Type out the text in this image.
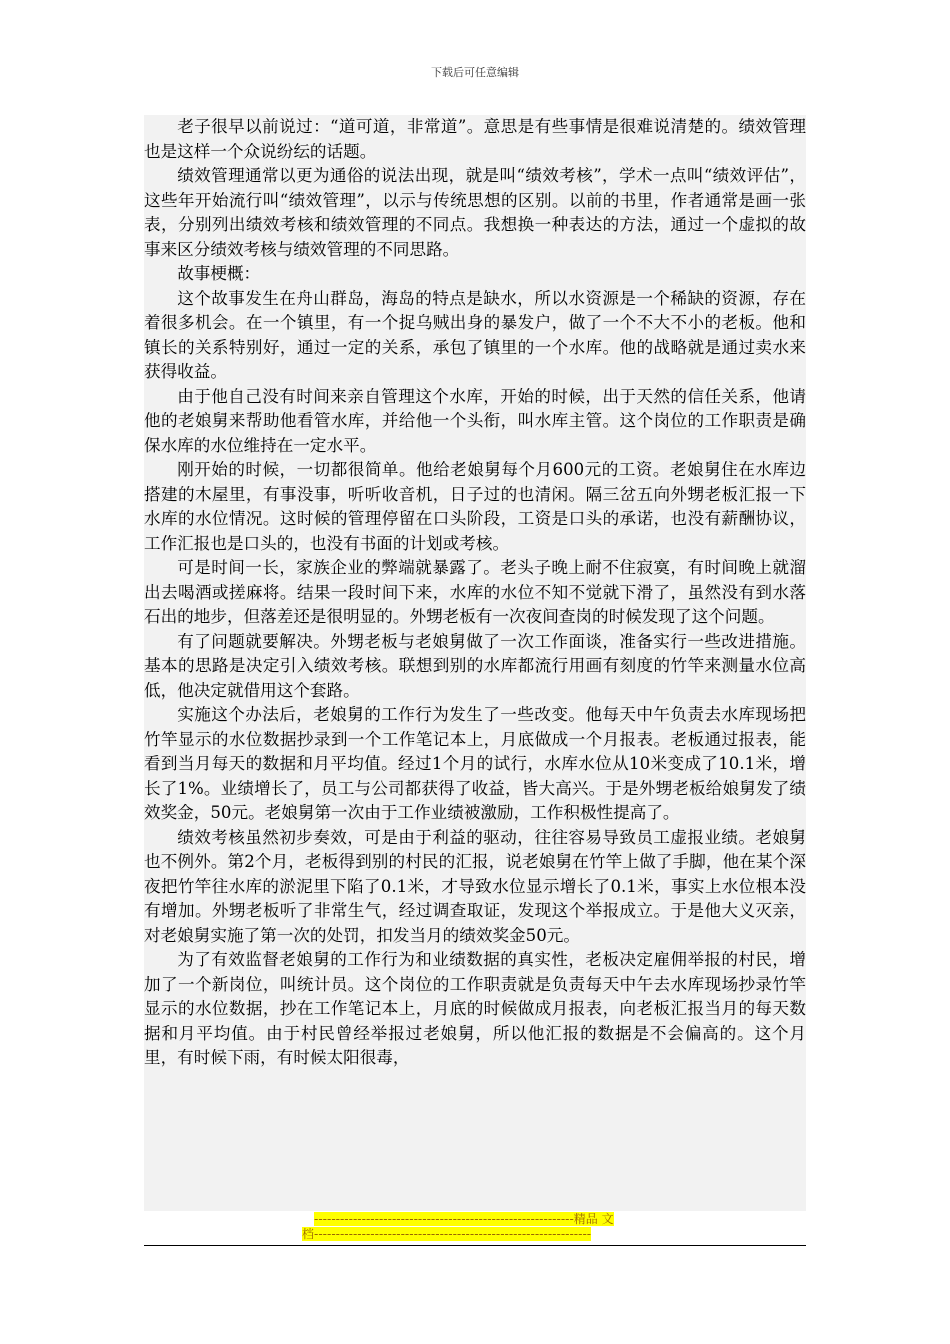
下载后可任意编辑

老子很早以前说过：“道可道，非常道”。意思是有些事情是很难说清楚的。绩效管理也是这样一个众说纷纭的话题。

绩效管理通常以更为通俗的说法出现，就是叫“绩效考核”，学术一点叫“绩效评估”，这些年开始流行叫“绩效管理”，以示与传统思想的区别。以前的书里，作者通常是画一张表，分别列出绩效考核和绩效管理的不同点。我想换一种表达的方法，通过一个虚拟的故事来区分绩效考核与绩效管理的不同思路。

故事梗概：

这个故事发生在舟山群岛，海岛的特点是缺水，所以水资源是一个稀缺的资源，存在着很多机会。在一个镇里，有一个捉乌贼出身的暴发户，做了一个不大不小的老板。他和镇长的关系特别好，通过一定的关系，承包了镇里的一个水库。他的战略就是通过卖水来获得收益。

由于他自己没有时间来亲自管理这个水库，开始的时候，出于天然的信任关系，他请他的老娘舅来帮助他看管水库，并给他一个头衔，叫水库主管。这个岗位的工作职责是确保水库的水位维持在一定水平。

刚开始的时候，一切都很简单。他给老娘舅每个月600元的工资。老娘舅住在水库边搭建的木屋里，有事没事，听听收音机，日子过的也清闲。隔三岔五向外甥老板汇报一下水库的水位情况。这时候的管理停留在口头阶段，工资是口头的承诺，也没有薪酬协议，工作汇报也是口头的，也没有书面的计划或考核。

可是时间一长，家族企业的弊端就暴露了。老头子晚上耐不住寂寞，有时间晚上就溜出去喝酒或搓麻将。结果一段时间下来，水库的水位不知不觉就下滑了，虽然没有到水落石出的地步，但落差还是很明显的。外甥老板有一次夜间查岗的时候发现了这个问题。

有了问题就要解决。外甥老板与老娘舅做了一次工作面谈，准备实行一些改进措施。基本的思路是决定引入绩效考核。联想到别的水库都流行用画有刻度的竹竿来测量水位高低，他决定就借用这个套路。

实施这个办法后，老娘舅的工作行为发生了一些改变。他每天中午负责去水库现场把竹竿显示的水位数据抄录到一个工作笔记本上，月底做成一个月报表。老板通过报表，能看到当月每天的数据和月平均值。经过1个月的试行，水库水位从10米变成了10.1米，增长了1%。业绩增长了，员工与公司都获得了收益，皆大高兴。于是外甥老板给娘舅发了绩效奖金，50元。老娘舅第一次由于工作业绩被激励，工作积极性提高了。

绩效考核虽然初步奏效，可是由于利益的驱动，往往容易导致员工虚报业绩。老娘舅也不例外。第2个月，老板得到别的村民的汇报，说老娘舅在竹竿上做了手脚，他在某个深夜把竹竿往水库的淤泥里下陷了0.1米，才导致水位显示增长了0.1米，事实上水位根本没有增加。外甥老板听了非常生气，经过调查取证，发现这个举报成立。于是他大义灭亲，对老娘舅实施了第一次的处罚，扣发当月的绩效奖金50元。

为了有效监督老娘舅的工作行为和业绩数据的真实性，老板决定雇佣举报的村民，增加了一个新岗位，叫统计员。这个岗位的工作职责就是负责每天中午去水库现场抄录竹竿显示的水位数据，抄在工作笔记本上，月底的时候做成月报表，向老板汇报当月的每天数据和月平均值。由于村民曾经举报过老娘舅，所以他汇报的数据是不会偏高的。这个月里，有时候下雨，有时候太阳很毒，

------------------------------------------------------------精品 文
档----------------------------------------------------------------
